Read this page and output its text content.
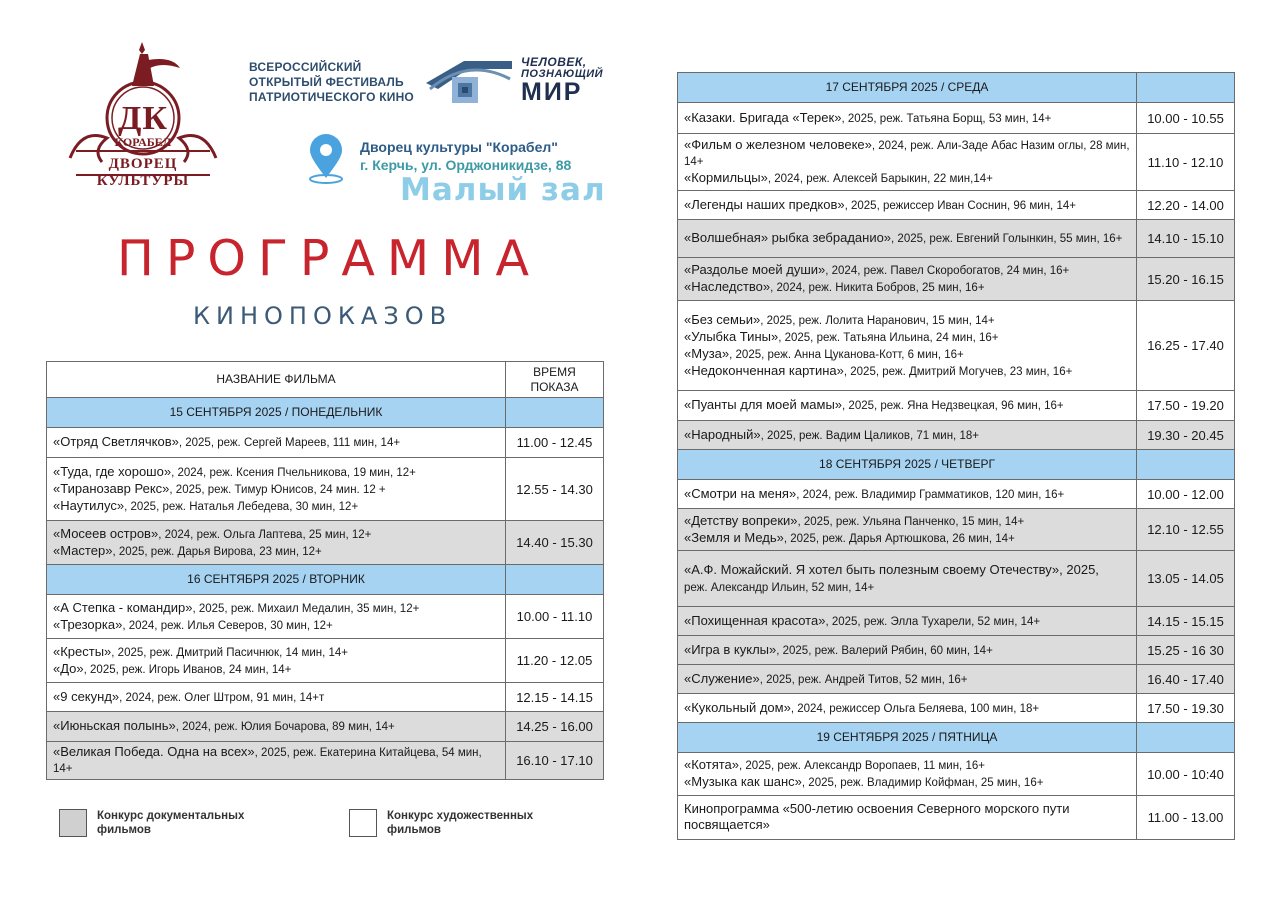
ДК
КОРАБЕЛ
ДВОРЕЦ КУЛЬТУРЫ
ВСЕРОССИЙСКИЙ
ОТКРЫТЫЙ ФЕСТИВАЛЬ
ПАТРИОТИЧЕСКОГО КИНО
ЧЕЛОВЕК,
ПОЗНАЮЩИЙ
МИР
Дворец культуры "Корабел"
г. Керчь, ул. Орджоникидзе, 88
Малый зал
ПРОГРАММА
КИНОПОКАЗОВ
НАЗВАНИЕ ФИЛЬМА	ВРЕМЯ
ПОКАЗА

15 СЕНТЯБРЯ 2025 / ПОНЕДЕЛЬНИК	

«Отряд Светлячков», 2025, реж. Сергей Мареев, 111 мин, 14+	11.00 - 12.45

«Туда, где хорошо», 2024, реж. Ксения Пчельникова, 19 мин, 12+
«Тиранозавр Рекс», 2025, реж. Тимур Юнисов, 24 мин. 12 +
«Наутилус», 2025, реж. Наталья Лебедева, 30 мин, 12+	12.55 - 14.30

«Мосеев остров», 2024, реж. Ольга Лаптева, 25 мин, 12+
«Мастер», 2025, реж. Дарья Вирова, 23 мин, 12+	14.40 - 15.30
16 СЕНТЯБРЯ 2025 / ВТОРНИК	

«А Степка - командир», 2025, реж. Михаил Медалин, 35 мин, 12+
«Трезорка», 2024, реж. Илья Северов, 30 мин, 12+	10.00 - 11.10

«Кресты», 2025, реж. Дмитрий Пасичнюк, 14 мин, 14+
«До», 2025, реж. Игорь Иванов, 24 мин, 14+	11.20 - 12.05

«9 секунд», 2024, реж. Олег Штром, 91 мин, 14+т	12.15 - 14.15

«Июньская полынь», 2024, реж. Юлия Бочарова, 89 мин, 14+	14.25 - 16.00

«Великая Победа. Одна на всех», 2025, реж. Екатерина Китайцева, 54 мин, 14+	16.10 - 17.10
17 СЕНТЯБРЯ 2025 / СРЕДА	

«Казаки. Бригада «Терек», 2025, реж. Татьяна Борщ, 53 мин, 14+	10.00 - 10.55

«Фильм о железном человеке», 2024, реж. Али-Заде Абас Назим оглы, 28 мин, 14+
«Кормильцы», 2024, реж. Алексей Барыкин, 22 мин,14+	11.10 - 12.10

«Легенды наших предков», 2025, режиссер Иван Соснин, 96 мин, 14+	12.20 - 14.00

«Волшебная» рыбка зебраданио», 2025, реж. Евгений Голынкин, 55 мин, 16+	14.10 - 15.10

«Раздолье моей души», 2024, реж. Павел Скоробогатов, 24 мин, 16+
«Наследство», 2024, реж. Никита Бобров, 25 мин, 16+	15.20 - 16.15

«Без семьи», 2025, реж. Лолита Наранович, 15 мин, 14+
«Улыбка Тины», 2025, реж. Татьяна Ильина, 24 мин, 16+
«Муза», 2025, реж. Анна Цуканова-Котт, 6 мин, 16+
«Недоконченная картина», 2025, реж. Дмитрий Могучев, 23 мин, 16+	16.25 - 17.40

«Пуанты для моей мамы», 2025, реж. Яна Недзвецкая, 96 мин, 16+	17.50 - 19.20

«Народный», 2025, реж. Вадим Цаликов, 71 мин, 18+	19.30 - 20.45
18 СЕНТЯБРЯ 2025 / ЧЕТВЕРГ	

«Смотри на меня», 2024, реж. Владимир Грамматиков, 120 мин, 16+	10.00 - 12.00

«Детству вопреки», 2025, реж. Ульяна Панченко, 15 мин, 14+
«Земля и Медь», 2025, реж. Дарья Артюшкова, 26 мин, 14+	12.10 - 12.55

«А.Ф. Можайский. Я хотел быть полезным своему Отечеству», 2025,
реж. Александр Ильин, 52 мин, 14+	13.05 - 14.05

«Похищенная красота», 2025, реж. Элла Тухарели, 52 мин, 14+	14.15 - 15.15

«Игра в куклы», 2025, реж. Валерий Рябин, 60 мин, 14+	15.25 - 16 30

«Служение», 2025, реж. Андрей Титов, 52 мин, 16+	16.40 - 17.40

«Кукольный дом», 2024, режиссер Ольга Беляева, 100 мин, 18+	17.50 - 19.30
19 СЕНТЯБРЯ 2025 / ПЯТНИЦА	

«Котята», 2025, реж. Александр Воропаев, 11 мин, 16+
«Музыка как шанс», 2025, реж. Владимир Койфман, 25 мин, 16+	10.00 - 10:40

Кинопрограмма «500-летию освоения Северного морского пути посвящается»	11.00 - 13.00
Конкурс документальных фильмов
Конкурс художественных фильмов
